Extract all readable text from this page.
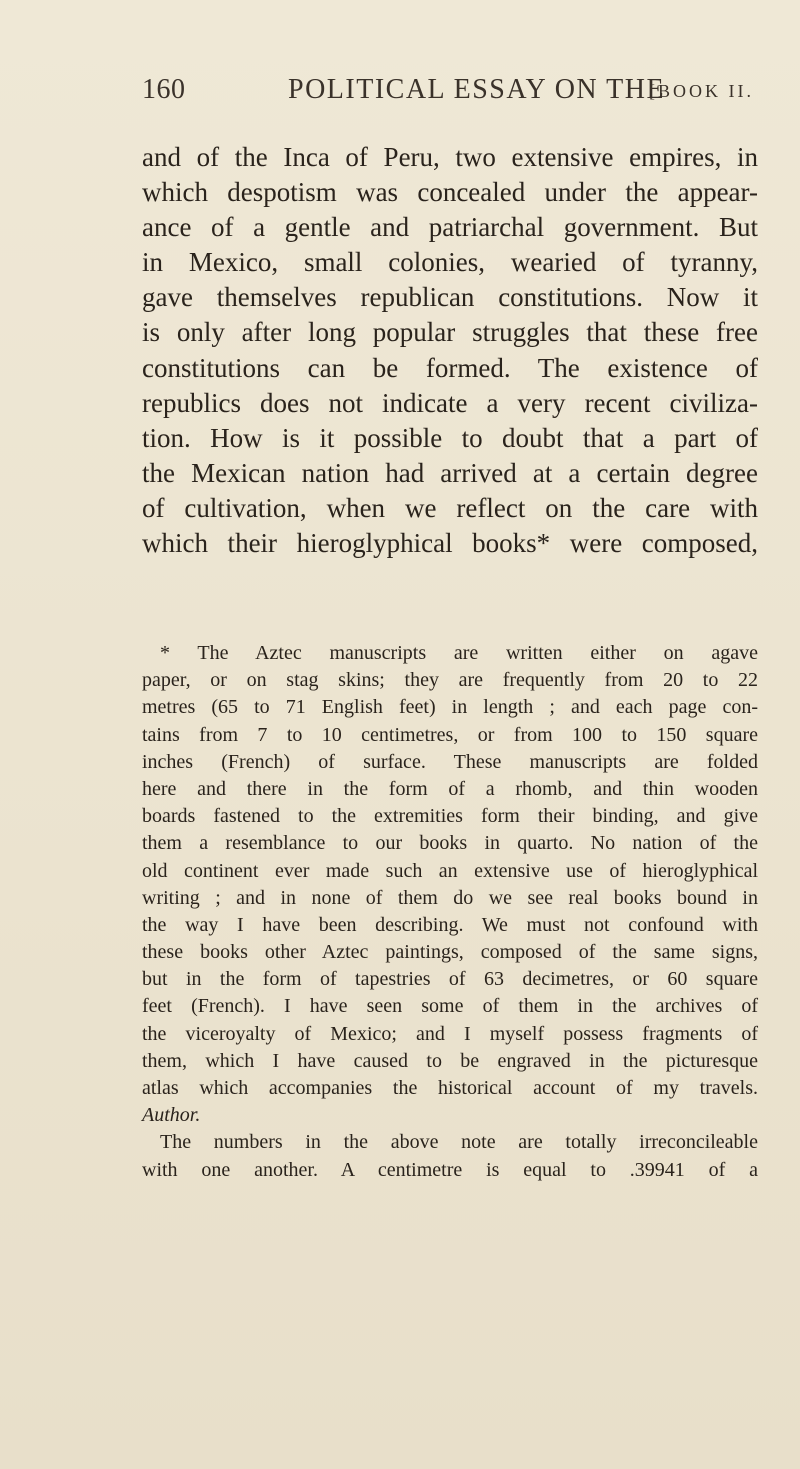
160	POLITICAL ESSAY ON THE
[BOOK II.
and of the Inca of Peru, two extensive empires, in
which despotism was concealed under the appear-
ance of a gentle and patriarchal government. But
in Mexico, small colonies, wearied of tyranny,
gave themselves republican constitutions. Now it
is only after long popular struggles that these free
constitutions can be formed. The existence of
republics does not indicate a very recent civiliza-
tion. How is it possible to doubt that a part of
the Mexican nation had arrived at a certain degree
of cultivation, when we reflect on the care with
which their hieroglyphical books* were composed,
* The Aztec manuscripts are written either on agave
paper, or on stag skins; they are frequently from 20 to 22
metres (65 to 71 English feet) in length ; and each page con-
tains from 7 to 10 centimetres, or from 100 to 150 square
inches (French) of surface. These manuscripts are folded
here and there in the form of a rhomb, and thin wooden
boards fastened to the extremities form their binding, and give
them a resemblance to our books in quarto. No nation of the
old continent ever made such an extensive use of hieroglyphical
writing ; and in none of them do we see real books bound in
the way I have been describing. We must not confound with
these books other Aztec paintings, composed of the same signs,
but in the form of tapestries of 63 decimetres, or 60 square
feet (French). I have seen some of them in the archives of
the viceroyalty of Mexico; and I myself possess fragments of
them, which I have caused to be engraved in the picturesque
atlas which accompanies the historical account of my travels.
Author.
The numbers in the above note are totally irreconcileable
with one another. A centimetre is equal to .39941 of a
